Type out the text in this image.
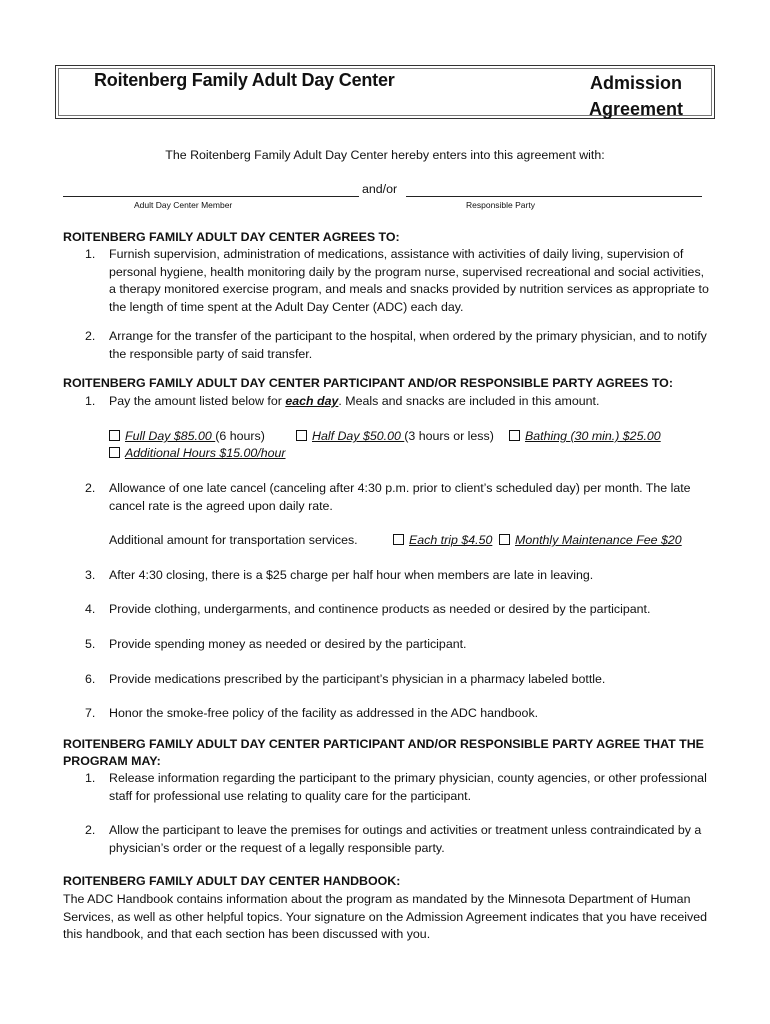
Roitenberg Family Adult Day Center	Admission
Agreement
The Roitenberg Family Adult Day Center hereby enters into this agreement with:
and/or
Adult Day Center Member	Responsible Party
ROITENBERG FAMILY ADULT DAY CENTER AGREES TO:
1.	Furnish supervision, administration of medications, assistance with activities of daily living, supervision of personal hygiene, health monitoring daily by the program nurse, supervised recreational and social activities, a therapy monitored exercise program, and meals and snacks provided by nutrition services as appropriate to the length of time spent at the Adult Day Center (ADC) each day.
2.	Arrange for the transfer of the participant to the hospital, when ordered by the primary physician, and to notify the responsible party of said transfer.
ROITENBERG FAMILY ADULT DAY CENTER PARTICIPANT AND/OR RESPONSIBLE PARTY AGREES TO:
1.	Pay the amount listed below for each day. Meals and snacks are included in this amount.
Full Day $85.00 (6 hours)	Half Day $50.00 (3 hours or less)	Bathing (30 min.) $25.00
Additional Hours $15.00/hour
2.	Allowance of one late cancel (canceling after 4:30 p.m. prior to client’s scheduled day) per month. The late cancel rate is the agreed upon daily rate.
Additional amount for transportation services.	Each trip $4.50	Monthly Maintenance Fee $20
3.	After 4:30 closing, there is a $25 charge per half hour when members are late in leaving.
4.	Provide clothing, undergarments, and continence products as needed or desired by the participant.
5.	Provide spending money as needed or desired by the participant.
6.	Provide medications prescribed by the participant’s physician in a pharmacy labeled bottle.
7.	Honor the smoke-free policy of the facility as addressed in the ADC handbook.
ROITENBERG FAMILY ADULT DAY CENTER PARTICIPANT AND/OR RESPONSIBLE PARTY AGREE THAT THE
PROGRAM MAY:
1.	Release information regarding the participant to the primary physician, county agencies, or other professional staff for professional use relating to quality care for the participant.
2.	Allow the participant to leave the premises for outings and activities or treatment unless contraindicated by a physician’s order or the request of a legally responsible party.
ROITENBERG FAMILY ADULT DAY CENTER HANDBOOK:
The ADC Handbook contains information about the program as mandated by the Minnesota Department of Human Services, as well as other helpful topics. Your signature on the Admission Agreement indicates that you have received this handbook, and that each section has been discussed with you.
